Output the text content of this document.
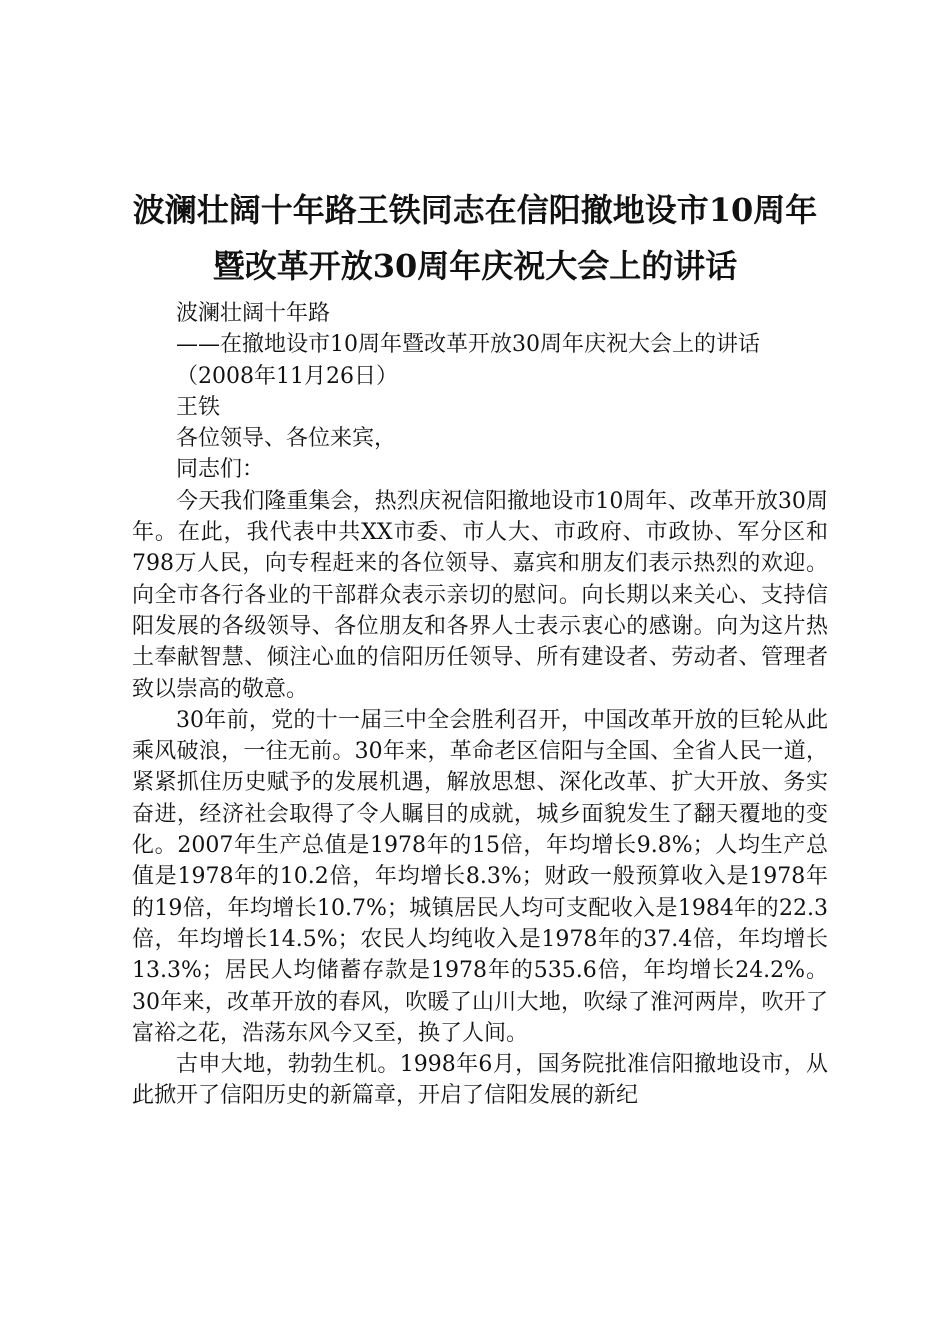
波澜壮阔十年路王铁同志在信阳撤地设市10周年暨改革开放30周年庆祝大会上的讲话

波澜壮阔十年路

——在撤地设市10周年暨改革开放30周年庆祝大会上的讲话

（2008年11月26日）

王铁

各位领导、各位来宾，

同志们：

今天我们隆重集会，热烈庆祝信阳撤地设市10周年、改革开放30周年。在此，我代表中共XX市委、市人大、市政府、市政协、军分区和798万人民，向专程赶来的各位领导、嘉宾和朋友们表示热烈的欢迎。向全市各行各业的干部群众表示亲切的慰问。向长期以来关心、支持信阳发展的各级领导、各位朋友和各界人士表示衷心的感谢。向为这片热土奉献智慧、倾注心血的信阳历任领导、所有建设者、劳动者、管理者致以崇高的敬意。

30年前，党的十一届三中全会胜利召开，中国改革开放的巨轮从此乘风破浪，一往无前。30年来，革命老区信阳与全国、全省人民一道，紧紧抓住历史赋予的发展机遇，解放思想、深化改革、扩大开放、务实奋进，经济社会取得了令人瞩目的成就，城乡面貌发生了翻天覆地的变化。2007年生产总值是1978年的15倍，年均增长9.8%；人均生产总值是1978年的10.2倍，年均增长8.3%；财政一般预算收入是1978年的19倍，年均增长10.7%；城镇居民人均可支配收入是1984年的22.3倍，年均增长14.5%；农民人均纯收入是1978年的37.4倍，年均增长13.3%；居民人均储蓄存款是1978年的535.6倍，年均增长24.2%。30年来，改革开放的春风，吹暖了山川大地，吹绿了淮河两岸，吹开了富裕之花，浩荡东风今又至，换了人间。

古申大地，勃勃生机。1998年6月，国务院批准信阳撤地设市，从此掀开了信阳历史的新篇章，开启了信阳发展的新纪
